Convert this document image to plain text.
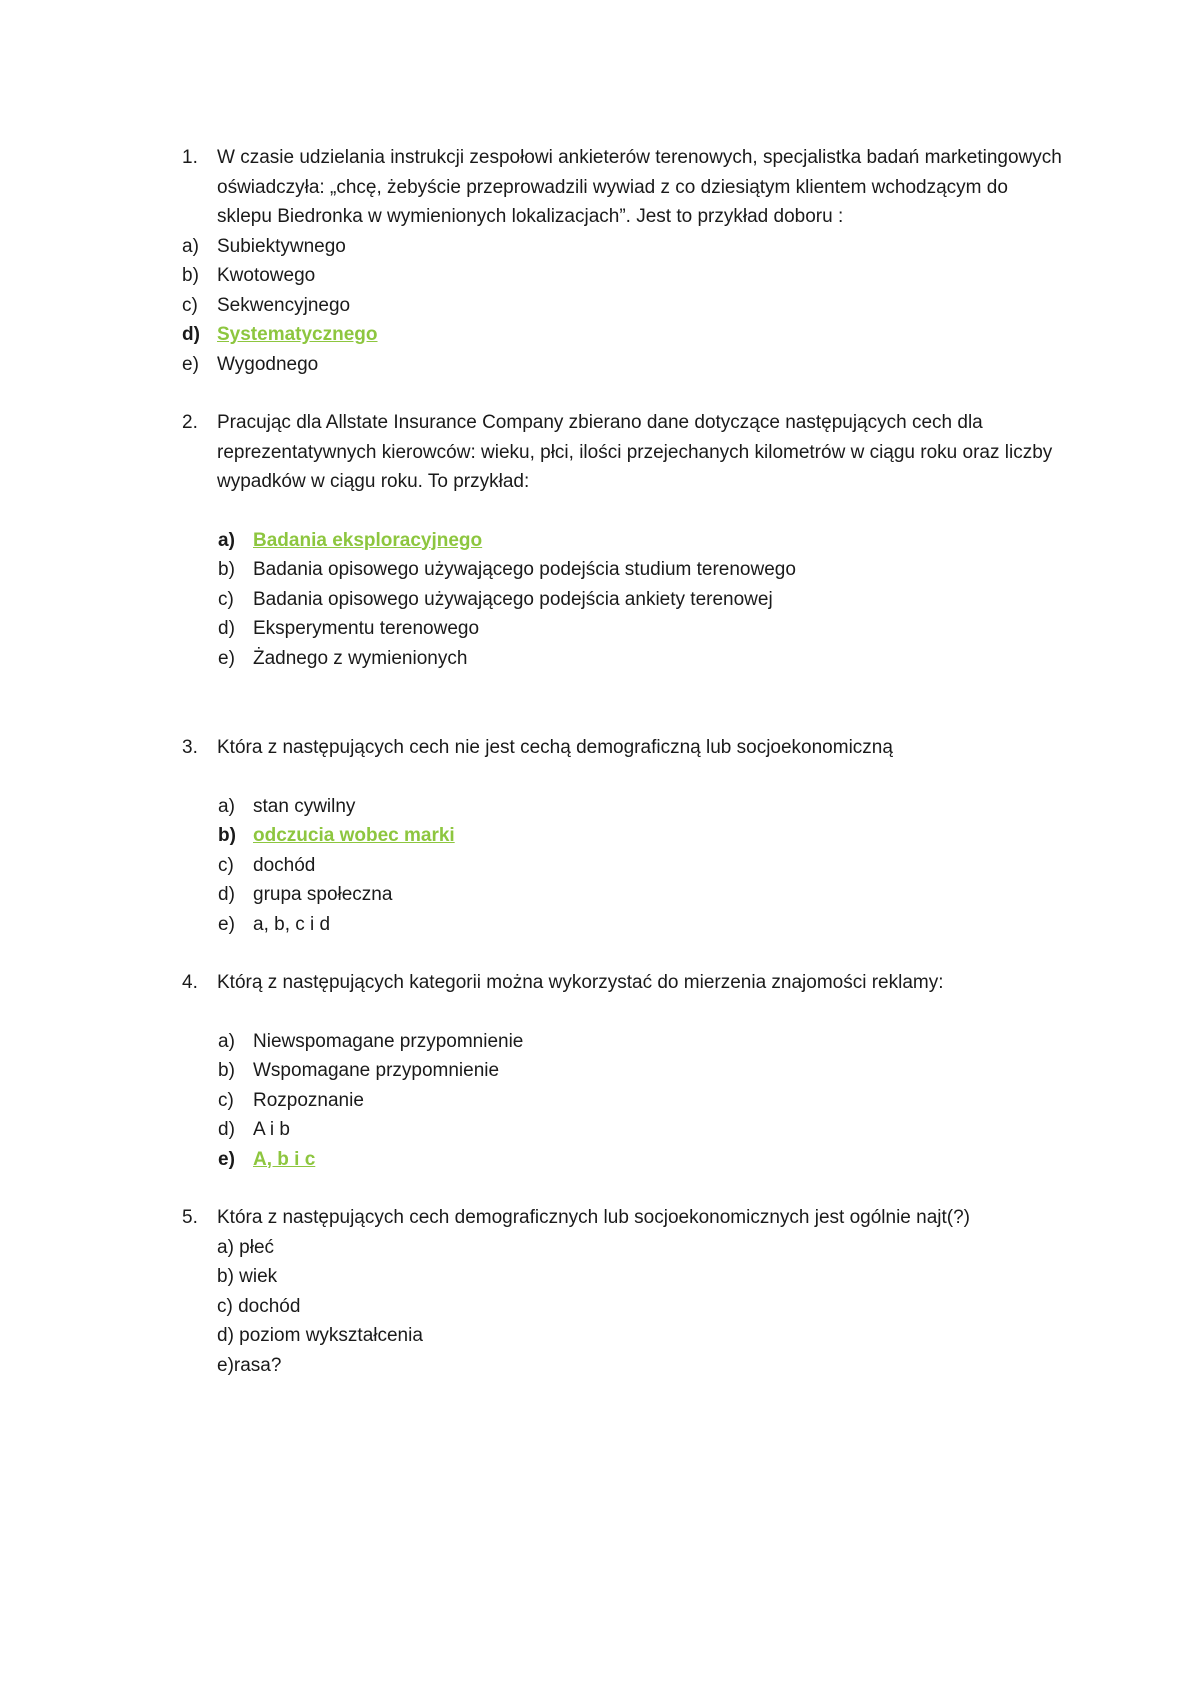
1.	W czasie udzielania instrukcji zespołowi ankieterów terenowych, specjalistka badań marketingowych oświadczyła: „chcę, żebyście przeprowadzili wywiad z co dziesiątym klientem wchodzącym do sklepu Biedronka w wymienionych lokalizacjach”. Jest to przykład doboru :
a) Subiektywnego
b) Kwotowego
c)	Sekwencyjnego
d) Systematycznego
e) Wygodnego
2.	Pracując dla Allstate Insurance Company zbierano dane dotyczące następujących cech dla reprezentatywnych kierowców: wieku, płci, ilości przejechanych kilometrów w ciągu roku oraz liczby wypadków w ciągu roku. To przykład:
a) Badania eksploracyjnego
b) Badania opisowego używającego podejścia studium terenowego
c)	Badania opisowego używającego podejścia ankiety terenowej
d) Eksperymentu terenowego
e) Żadnego z wymienionych
3.	Która z następujących cech nie jest cechą demograficzną lub socjoekonomiczną
a) stan cywilny
b) odczucia wobec marki
c)	dochód
d) grupa społeczna
e) a, b, c i d
4.	Którą z następujących kategorii można wykorzystać do mierzenia znajomości reklamy:
a) Niewspomagane przypomnienie
b) Wspomagane przypomnienie
c)	Rozpoznanie
d) A i b
e) A, b i c
5.	Która z następujących cech demograficznych lub socjoekonomicznych jest ogólnie najt(?)
a) płeć
b) wiek
c) dochód
d) poziom wykształcenia
e)rasa?
